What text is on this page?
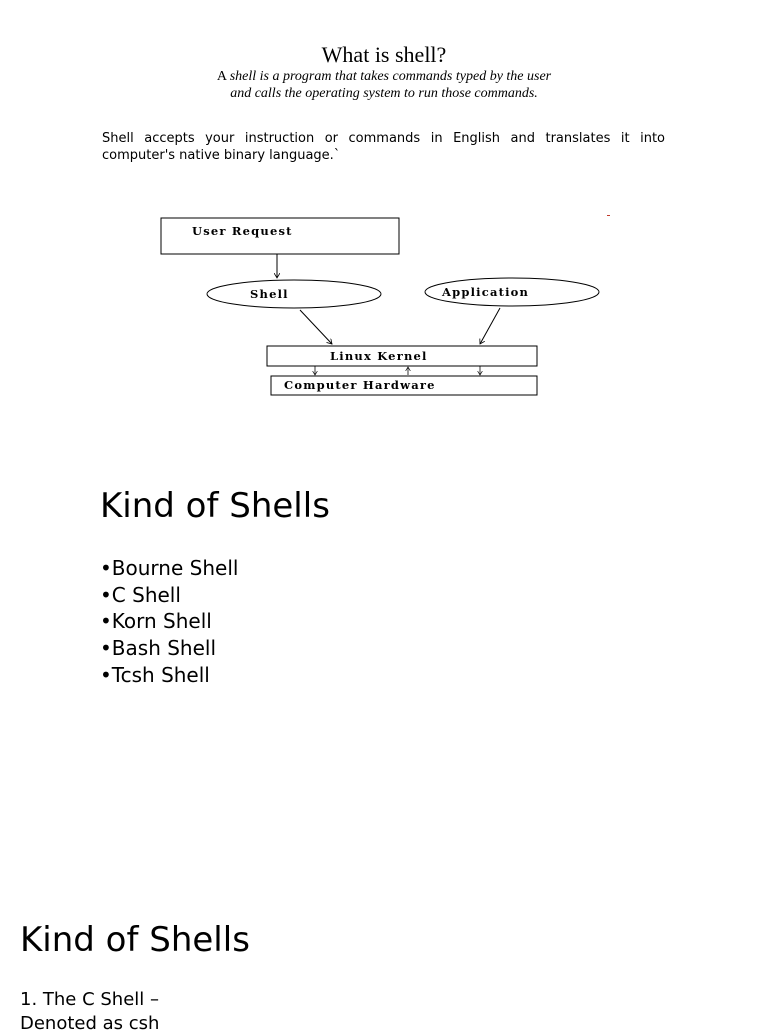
What is shell?
A shell is a program that takes commands typed by the user and calls the operating system to run those commands.
Shell accepts your instruction or commands in English and translates it into computer's native binary language.`
User Request
Shell	Application
Linux Kernel
Computer Hardware
Kind of Shells
•Bourne Shell
•C Shell
•Korn Shell
•Bash Shell
•Tcsh Shell
Kind of Shells
1. The C Shell –
Denoted as csh
